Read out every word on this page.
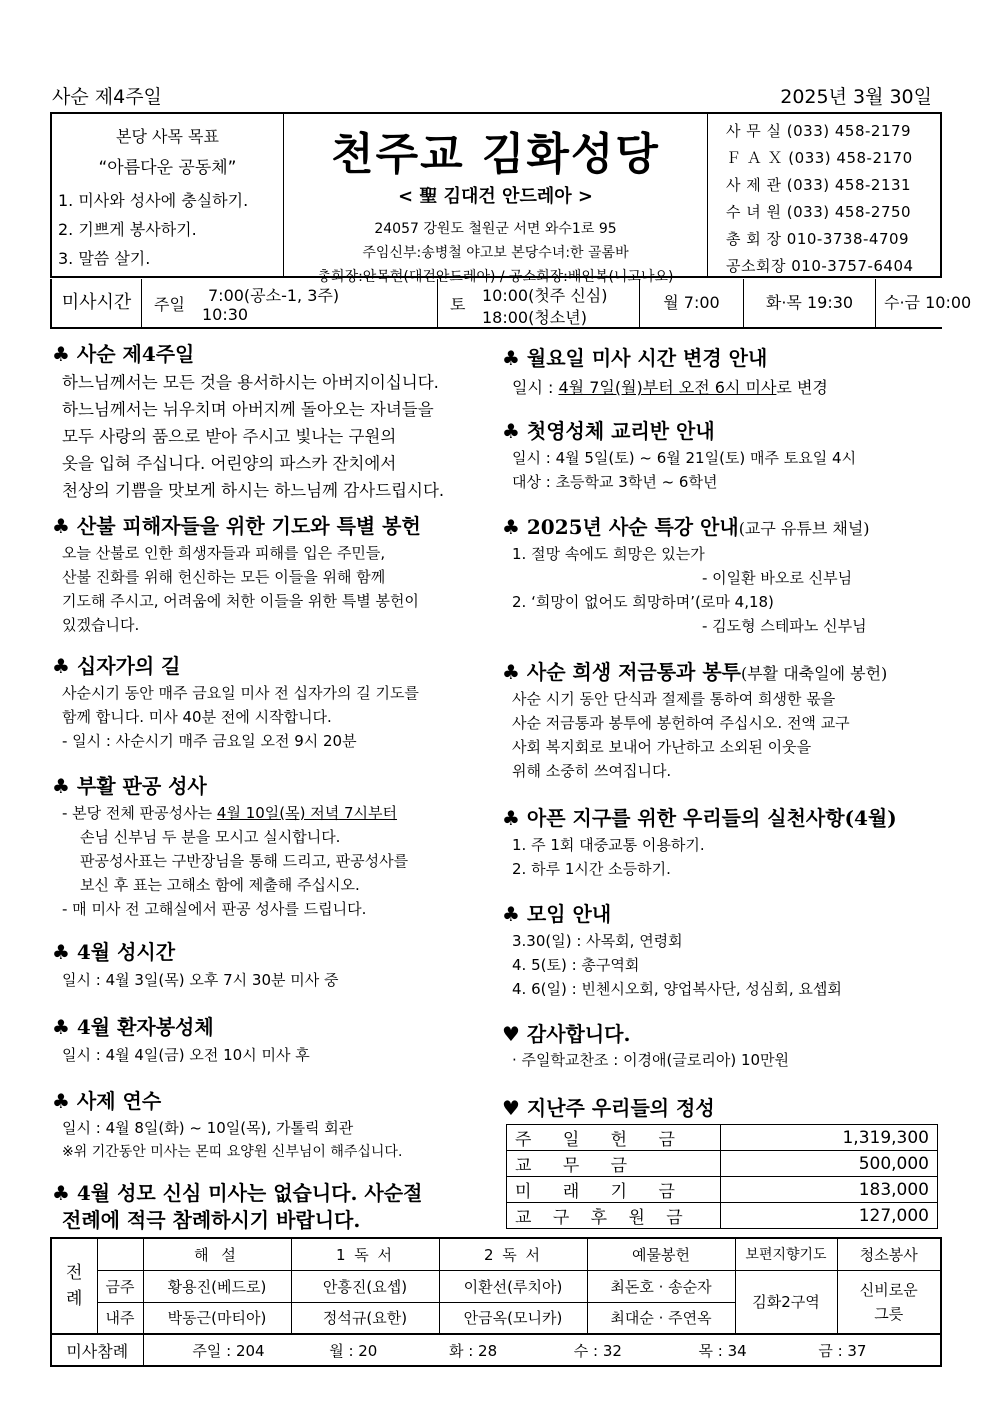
사순 제4주일	2025년 3월 30일
본당 사목 목표
“아름다운 공동체”
1. 미사와 성사에 충실하기.
2. 기쁘게 봉사하기.
3. 말씀 살기.
천주교 김화성당
< 聖 김대건 안드레아 >
24057 강원도 철원군 서면 와수1로 95
주임신부:송병철 야고보 본당수녀:한 골롬바
총회장:안목현(대건안드레아) / 공소회장:배인복(니고나오)
사 무 실 (033) 458-2179
Ｆ Ａ Ｘ (033) 458-2170
사 제 관 (033) 458-2131
수 녀 원 (033) 458-2750
총 회 장 010-3738-4709
공소회장 010-3757-6404
미사시간	주일 7:00(공소-1, 3주)
10:30
토 10:00(첫주 신심)
18:00(청소년)
월 7:00	화·목 19:30	수·금 10:00
♣ 사순 제4주일
하느님께서는 모든 것을 용서하시는 아버지이십니다.
하느님께서는 뉘우치며 아버지께 돌아오는 자녀들을
모두 사랑의 품으로 받아 주시고 빛나는 구원의
옷을 입혀 주십니다. 어린양의 파스카 잔치에서
천상의 기쁨을 맛보게 하시는 하느님께 감사드립시다.
♣ 산불 피해자들을 위한 기도와 특별 봉헌
오늘 산불로 인한 희생자들과 피해를 입은 주민들,
산불 진화를 위해 헌신하는 모든 이들을 위해 함께
기도해 주시고, 어려움에 처한 이들을 위한 특별 봉헌이
있겠습니다.
♣ 십자가의 길
사순시기 동안 매주 금요일 미사 전 십자가의 길 기도를
함께 합니다. 미사 40분 전에 시작합니다.
- 일시 : 사순시기 매주 금요일 오전 9시 20분
♣ 부활 판공 성사
- 본당 전체 판공성사는 4월 10일(목) 저녁 7시부터
손님 신부님 두 분을 모시고 실시합니다.
판공성사표는 구반장님을 통해 드리고, 판공성사를
보신 후 표는 고해소 함에 제출해 주십시오.
- 매 미사 전 고해실에서 판공 성사를 드립니다.
♣ 4월 성시간
일시 : 4월 3일(목) 오후 7시 30분 미사 중
♣ 4월 환자봉성체
일시 : 4월 4일(금) 오전 10시 미사 후
♣ 사제 연수
일시 : 4월 8일(화) ~ 10일(목), 가톨릭 회관
※위 기간동안 미사는 몬띠 요양원 신부님이 해주십니다.
♣ 4월 성모 신심 미사는 없습니다. 사순절
전례에 적극 참례하시기 바랍니다.
♣ 월요일 미사 시간 변경 안내
일시 : 4월 7일(월)부터 오전 6시 미사로 변경
♣ 첫영성체 교리반 안내
일시 : 4월 5일(토) ~ 6월 21일(토) 매주 토요일 4시
대상 : 초등학교 3학년 ~ 6학년
♣ 2025년 사순 특강 안내(교구 유튜브 채널)
1. 절망 속에도 희망은 있는가
- 이일환 바오로 신부님
2. ‘희망이 없어도 희망하며’(로마 4,18)
- 김도형 스테파노 신부님
♣ 사순 희생 저금통과 봉투(부활 대축일에 봉헌)
사순 시기 동안 단식과 절제를 통하여 희생한 몫을
사순 저금통과 봉투에 봉헌하여 주십시오. 전액 교구
사회 복지회로 보내어 가난하고 소외된 이웃을
위해 소중히 쓰여집니다.
♣ 아픈 지구를 위한 우리들의 실천사항(4월)
1. 주 1회 대중교통 이용하기.
2. 하루 1시간 소등하기.
♣ 모임 안내
3.30(일) : 사목회, 연령회
4. 5(토) : 총구역회
4. 6(일) : 빈첸시오회, 양업복사단, 성심회, 요셉회
♥ 감사합니다.
· 주일학교찬조 : 이경애(글로리아) 10만원
♥ 지난주 우리들의 정성
주 일 헌 금	1,319,300
교 무 금	500,000
미 래 기 금	183,000
교 구 후 원 금	127,000
전
례		해 설	1 독 서	2 독 서	예물봉헌	보편지향기도	청소봉사
	금주	황용진(베드로)	안흥진(요셉)	이환선(루치아)	최돈호 · 송순자	김화2구역	신비로운
그릇

	내주	박동근(마티아)	정석규(요한)	안금옥(모니카)	최대순 · 주연옥		
미사참례		주일 : 204 월 : 20 화 : 28 수 : 32 목 : 34 금 : 37					
